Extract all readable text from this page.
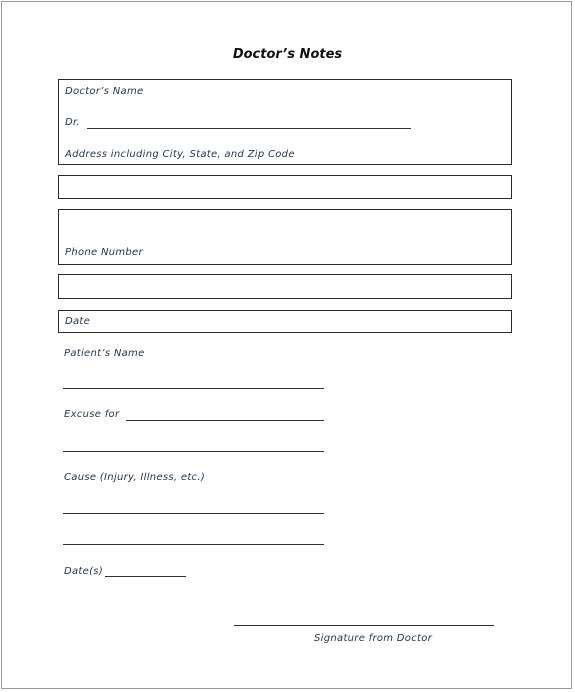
Doctor’s Notes
Doctor’s Name
Dr.
Address including City, State, and Zip Code
Phone Number
Date
Patient’s Name
Excuse for
Cause (Injury, Illness, etc.)
Date(s)
Signature from Doctor
